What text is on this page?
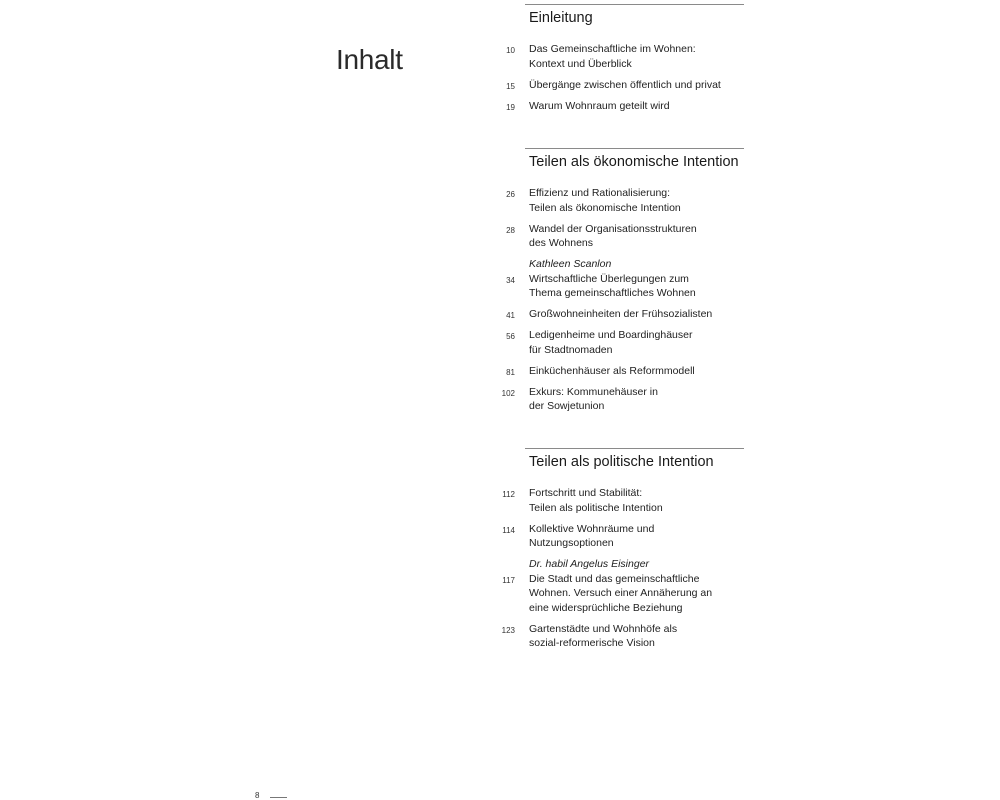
Inhalt
Einleitung
10 Das Gemeinschaftliche im Wohnen:
Kontext und Überblick
15 Übergänge zwischen öffentlich und privat
19 Warum Wohnraum geteilt wird
Teilen als ökonomische Intention
26 Effizienz und Rationalisierung:
Teilen als ökonomische Intention
28 Wandel der Organisationsstrukturen
des Wohnens
34
Kathleen Scanlon
Wirtschaftliche Überlegungen zum
Thema gemeinschaftliches Wohnen
41 Großwohneinheiten der Frühsozialisten
56 Ledigenheime und Boardinghäuser
für Stadtnomaden
81 Einküchenhäuser als Reformmodell
102 Exkurs: Kommunehäuser in
der Sowjetunion
Teilen als politische Intention
112 Fortschritt und Stabilität:
Teilen als politische Intention
114 Kollektive Wohnräume und
Nutzungsoptionen
117
Dr. habil Angelus Eisinger
Die Stadt und das gemeinschaftliche
Wohnen. Versuch einer Annäherung an
eine widersprüchliche Beziehung
123 Gartenstädte und Wohnhöfe als
sozial-reformerische Vision
8
